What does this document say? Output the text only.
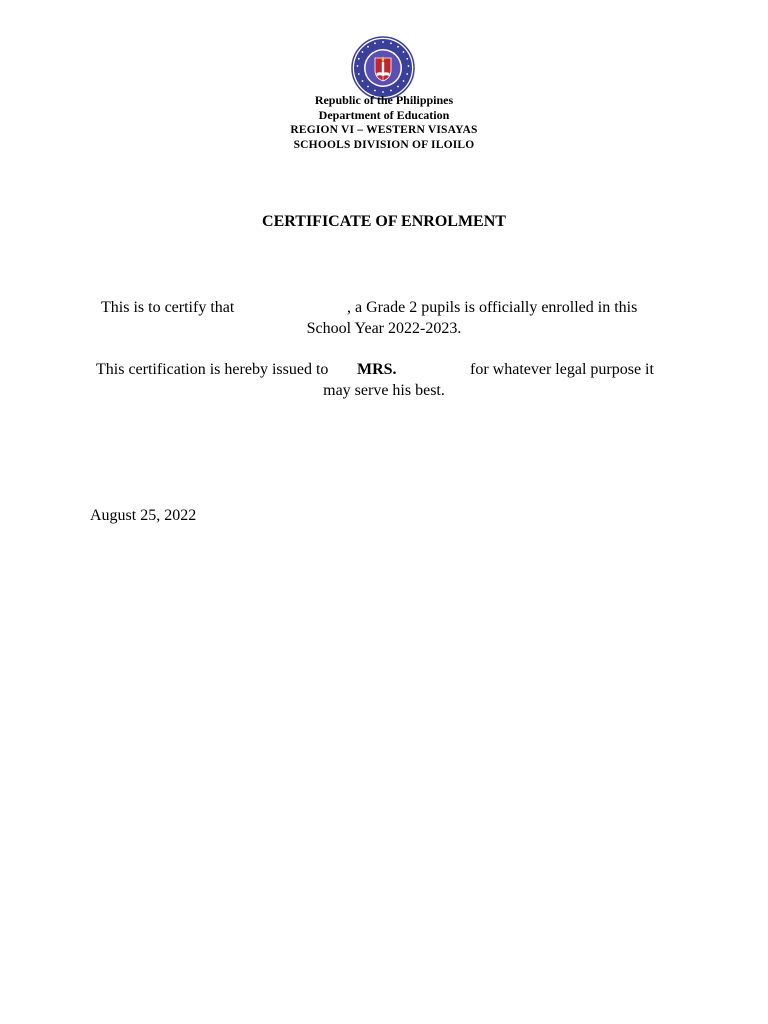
Republic of the Philippines
Department of Education
REGION VI – WESTERN VISAYAS
SCHOOLS DIVISION OF ILOILO
CERTIFICATE OF ENROLMENT
This is to certify that	, a Grade 2 pupils is officially enrolled in this
School Year 2022-2023.
This certification is hereby issued to MRS.	for whatever legal purpose it
may serve his best.
August 25, 2022
